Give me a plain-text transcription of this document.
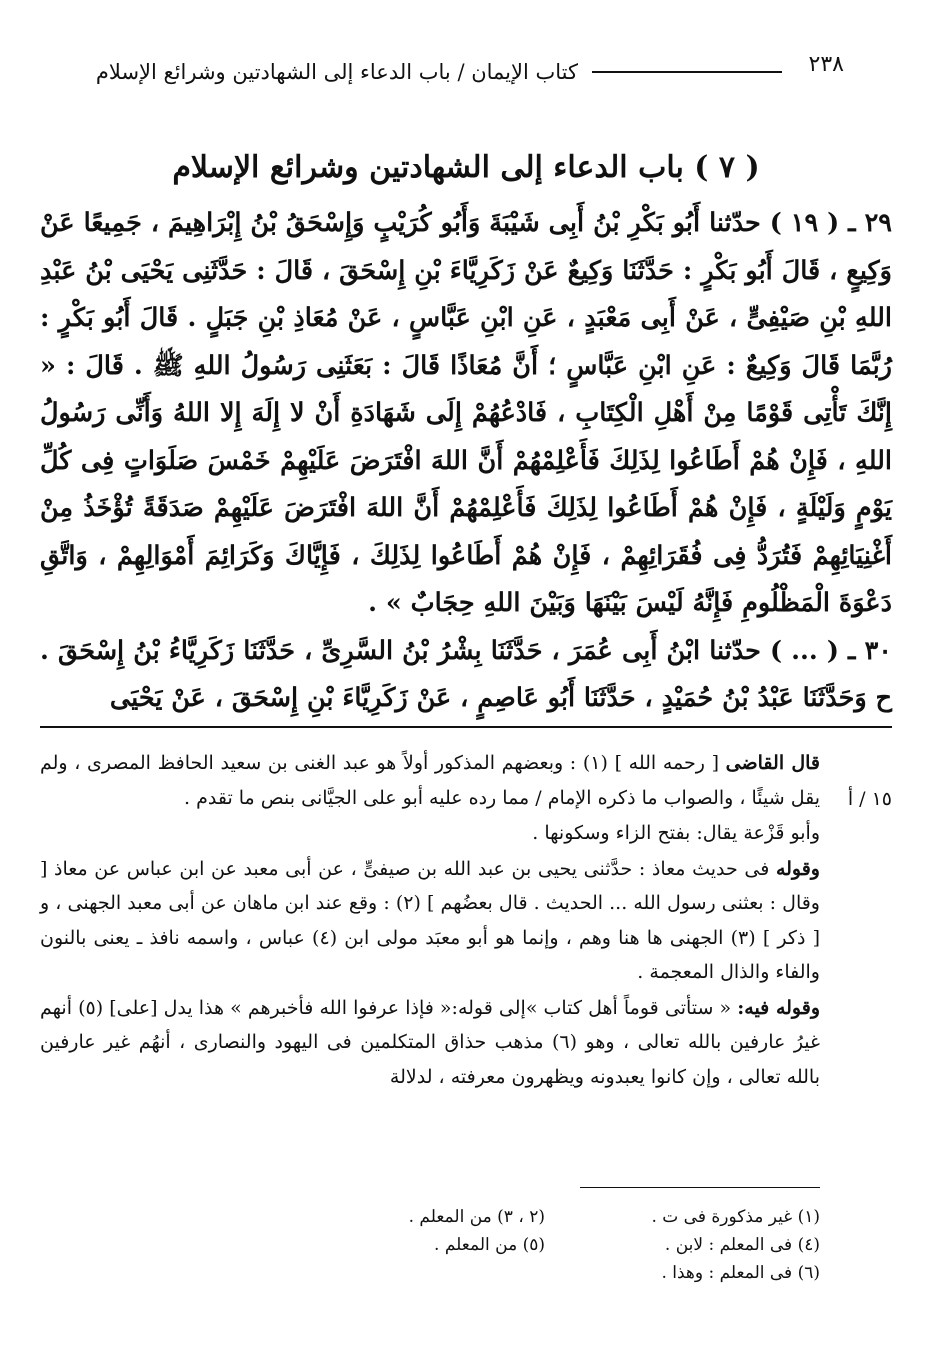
كتاب الإيمان / باب الدعاء إلى الشهادتين وشرائع الإسلام	٢٣٨
( ٧ ) باب الدعاء إلى الشهادتين وشرائع الإسلام

٢٩ ـ ( ١٩ ) حدّثنا أَبُو بَكْرِ بْنُ أَبِى شَيْبَةَ وَأَبُو كُرَيْبٍ وَإِسْحَقُ بْنُ إِبْرَاهِيمَ ، جَمِيعًا عَنْ وَكِيعٍ ، قَالَ أَبُو بَكْرٍ : حَدَّثَنَا وَكِيعٌ عَنْ زَكَرِيَّاءَ بْنِ إِسْحَقَ ، قَالَ : حَدَّثَنِى يَحْيَى بْنُ عَبْدِ اللهِ بْنِ صَيْفِىٍّ ، عَنْ أَبِى مَعْبَدٍ ، عَنِ ابْنِ عَبَّاسٍ ، عَنْ مُعَاذِ بْنِ جَبَلٍ . قَالَ أَبُو بَكْرٍ : رُبَّمَا قَالَ وَكِيعٌ : عَنِ ابْنِ عَبَّاسٍ ؛ أَنَّ مُعَاذًا قَالَ : بَعَثَنِى رَسُولُ اللهِ ﷺ . قَالَ : « إِنَّكَ تَأْتِى قَوْمًا مِنْ أَهْلِ الْكِتَابِ ، فَادْعُهُمْ إِلَى شَهَادَةِ أَنْ لا إِلَهَ إِلا اللهُ وَأَنِّى رَسُولُ اللهِ ، فَإِنْ هُمْ أَطَاعُوا لِذَلِكَ فَأَعْلِمْهُمْ أَنَّ اللهَ افْتَرَضَ عَلَيْهِمْ خَمْسَ صَلَوَاتٍ فِى كُلِّ يَوْمٍ وَلَيْلَةٍ ، فَإِنْ هُمْ أَطَاعُوا لِذَلِكَ فَأَعْلِمْهُمْ أَنَّ اللهَ افْتَرَضَ عَلَيْهِمْ صَدَقَةً تُؤْخَذُ مِنْ أَغْنِيَائِهِمْ فَتُرَدُّ فِى فُقَرَائِهِمْ ، فَإِنْ هُمْ أَطَاعُوا لِذَلِكَ ، فَإِيَّاكَ وَكَرَائِمَ أَمْوَالِهِمْ ، وَاتَّقِ دَعْوَةَ الْمَظْلُومِ فَإِنَّهُ لَيْسَ بَيْنَهَا وَبَيْنَ اللهِ حِجَابٌ » .

٣٠ ـ ( ... ) حدّثنا ابْنُ أَبِى عُمَرَ ، حَدَّثَنَا بِشْرُ بْنُ السَّرِىِّ ، حَدَّثَنَا زَكَرِيَّاءُ بْنُ إِسْحَقَ . ح وَحَدَّثَنَا عَبْدُ بْنُ حُمَيْدٍ ، حَدَّثَنَا أَبُو عَاصِمٍ ، عَنْ زَكَرِيَّاءَ بْنِ إِسْحَقَ ، عَنْ يَحْيَى

١٥ / أ

قال القاضى [ رحمه الله ] (١) : وبعضهم المذكور أولاً هو عبد الغنى بن سعيد الحافظ المصرى ، ولم يقل شيئًا ، والصواب ما ذكره الإمام / مما رده عليه أبو على الجيَّانى بنص ما تقدم .

وأبو قَزْعة يقال: بفتح الزاء وسكونها .

وقوله فى حديث معاذ : حدَّثنى يحيى بن عبد الله بن صيفىٍّ ، عن أبى معبد عن ابن عباس عن معاذ [ وقال : بعثنى رسول الله ... الحديث . قال بعضُهم ] (٢) : وقع عند ابن ماهان عن أبى معبد الجهنى ، و [ ذكر ] (٣) الجهنى ها هنا وهم ، وإنما هو أبو معبَد مولى ابن (٤) عباس ، واسمه نافذ ـ يعنى بالنون والفاء والذال المعجمة .

وقوله فيه: « ستأتى قوماً أهل كتاب »إلى قوله:« فإذا عرفوا الله فأخبرهم » هذا يدل [على] (٥) أنهم غيرُ عارفين بالله تعالى ، وهو (٦) مذهب حذاق المتكلمين فى اليهود والنصارى ، أنهُم غير عارفين بالله تعالى ، وإن كانوا يعبدونه ويظهرون معرفته ، لدلالة

(١) غير مذكورة فى ت .
(٢ ، ٣) من المعلم .
(٤) فى المعلم : لابن .
(٥) من المعلم .
(٦) فى المعلم : وهذا .
